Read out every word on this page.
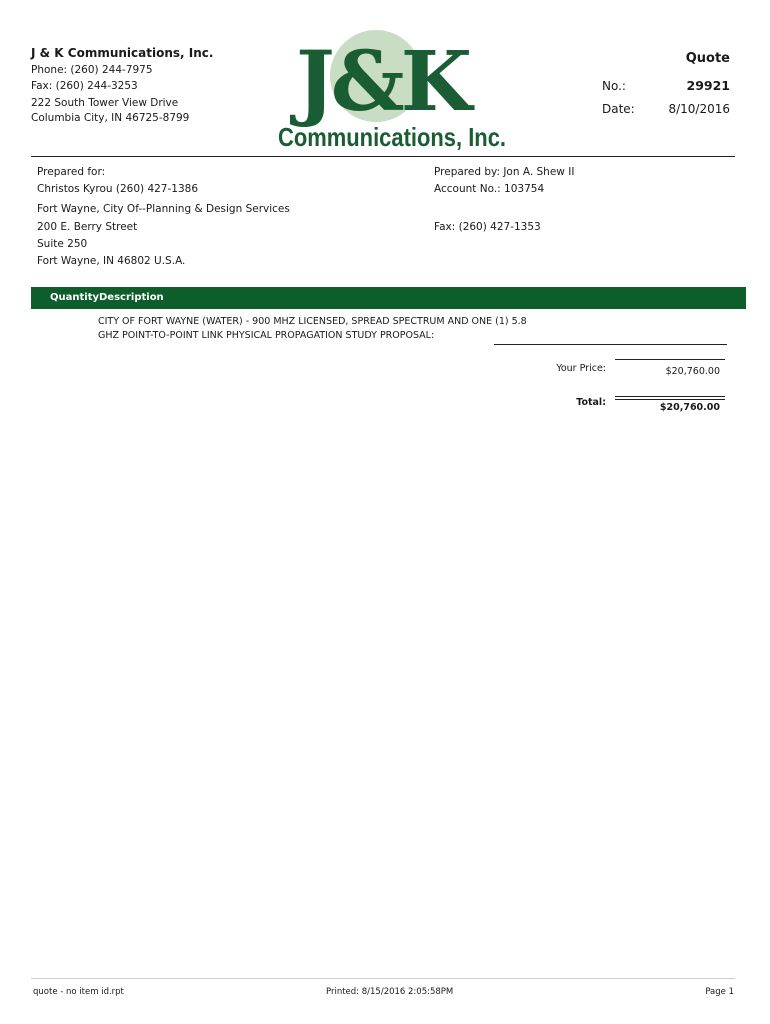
J & K Communications, Inc.
Phone: (260) 244-7975
Fax: (260) 244-3253
222 South Tower View Drive
Columbia City, IN 46725-8799 J&K
Communications, Inc.
Quote
No.:	29921
Date:	8/10/2016
Prepared for:
Christos Kyrou (260) 427-1386
Fort Wayne, City Of--Planning & Design Services
200 E. Berry Street
Suite 250
Fort Wayne, IN 46802 U.S.A.
Prepared by: Jon A. Shew II
Account No.: 103754
Fax: (260) 427-1353
Quantity Description
CITY OF FORT WAYNE (WATER) - 900 MHZ LICENSED, SPREAD SPECTRUM AND ONE (1) 5.8
GHZ POINT-TO-POINT LINK PHYSICAL PROPAGATION STUDY PROPOSAL:
Your Price:	$20,760.00
Total:	$20,760.00
quote - no item id.rpt	Printed: 8/15/2016 2:05:58PM	Page 1
